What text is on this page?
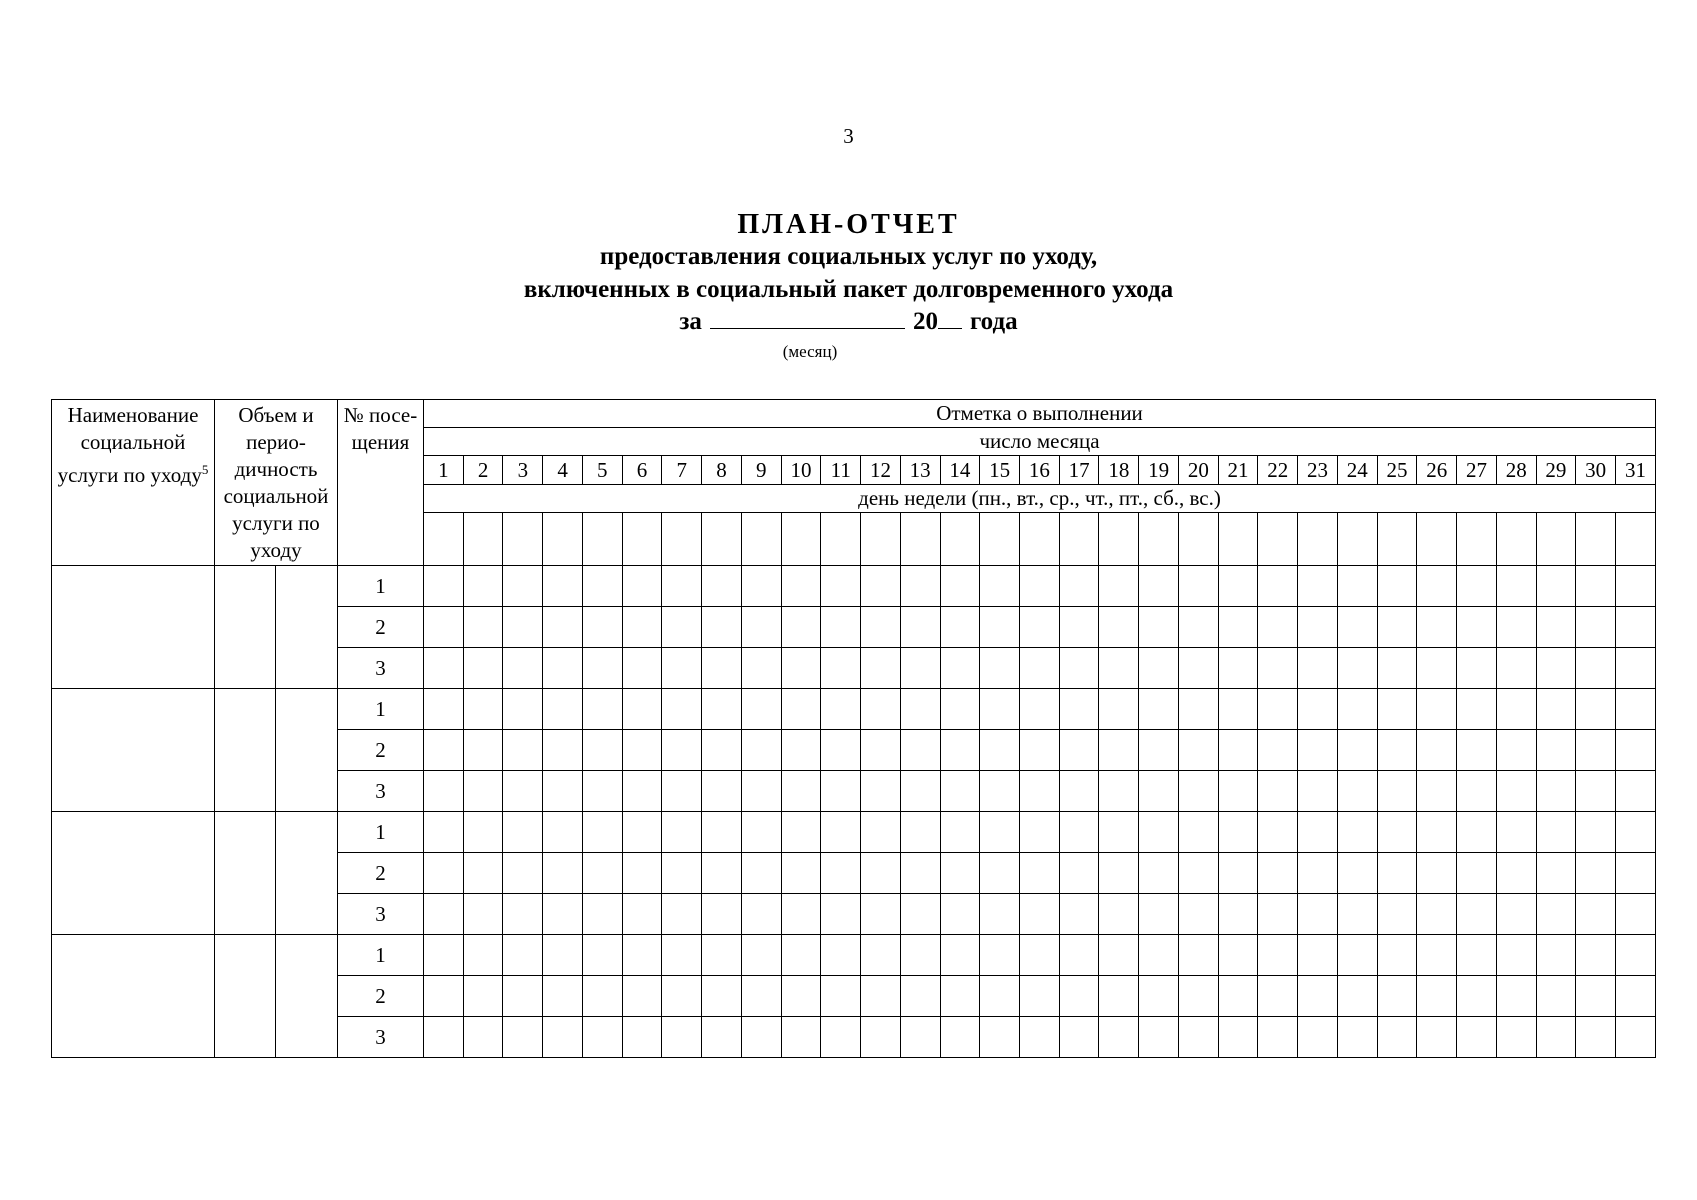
3
ПЛАН-ОТЧЕТ
предоставления социальных услуг по уходу,
включенных в социальный пакет долговременного ухода
за	20 года
(месяц)
Наименование социальной услуги по уходу$^5$	Объем и перио- дичность социальной услуги по уходу		№ посе- щения	Отметка о выполнении																														
				число месяца																														
				1	2	3	4	5	6	7	8	9	10	11	12	13	14	15	16	17	18	19	20	21	22	23	24	25	26	27	28	29	30	31
				день недели (пн., вт., ср., чт., пт., сб., вс.)																														

			1																															
			2																															
			3																															
			1																															
			2																															
			3																															
			1																															
			2																															
			3																															
			1																															
			2																															
			3																															
